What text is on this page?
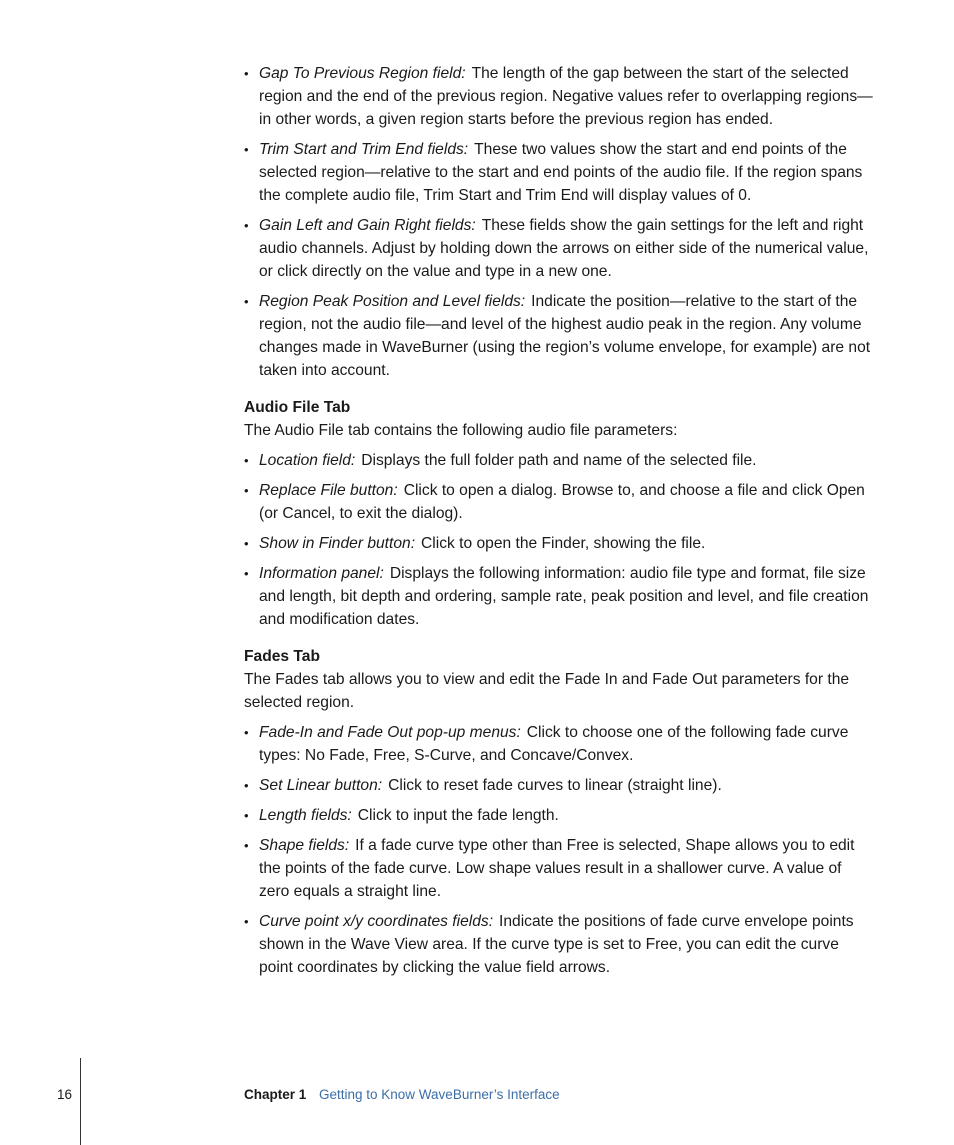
• Gap To Previous Region field: The length of the gap between the start of the selected region and the end of the previous region. Negative values refer to overlapping regions—in other words, a given region starts before the previous region has ended.
• Trim Start and Trim End fields: These two values show the start and end points of the selected region—relative to the start and end points of the audio file. If the region spans the complete audio file, Trim Start and Trim End will display values of 0.
• Gain Left and Gain Right fields: These fields show the gain settings for the left and right audio channels. Adjust by holding down the arrows on either side of the numerical value, or click directly on the value and type in a new one.
• Region Peak Position and Level fields: Indicate the position—relative to the start of the region, not the audio file—and level of the highest audio peak in the region. Any volume changes made in WaveBurner (using the region’s volume envelope, for example) are not taken into account.
Audio File Tab

The Audio File tab contains the following audio file parameters:

• Location field: Displays the full folder path and name of the selected file.
• Replace File button: Click to open a dialog. Browse to, and choose a file and click Open (or Cancel, to exit the dialog).
• Show in Finder button: Click to open the Finder, showing the file.
• Information panel: Displays the following information: audio file type and format, file size and length, bit depth and ordering, sample rate, peak position and level, and file creation and modification dates.
Fades Tab

The Fades tab allows you to view and edit the Fade In and Fade Out parameters for the selected region.

• Fade-In and Fade Out pop-up menus: Click to choose one of the following fade curve types: No Fade, Free, S-Curve, and Concave/Convex.
• Set Linear button: Click to reset fade curves to linear (straight line).
• Length fields: Click to input the fade length.
• Shape fields: If a fade curve type other than Free is selected, Shape allows you to edit the points of the fade curve. Low shape values result in a shallower curve. A value of zero equals a straight line.
• Curve point x/y coordinates fields: Indicate the positions of fade curve envelope points shown in the Wave View area. If the curve type is set to Free, you can edit the curve point coordinates by clicking the value field arrows.
16	Chapter 1 Getting to Know WaveBurner’s Interface
